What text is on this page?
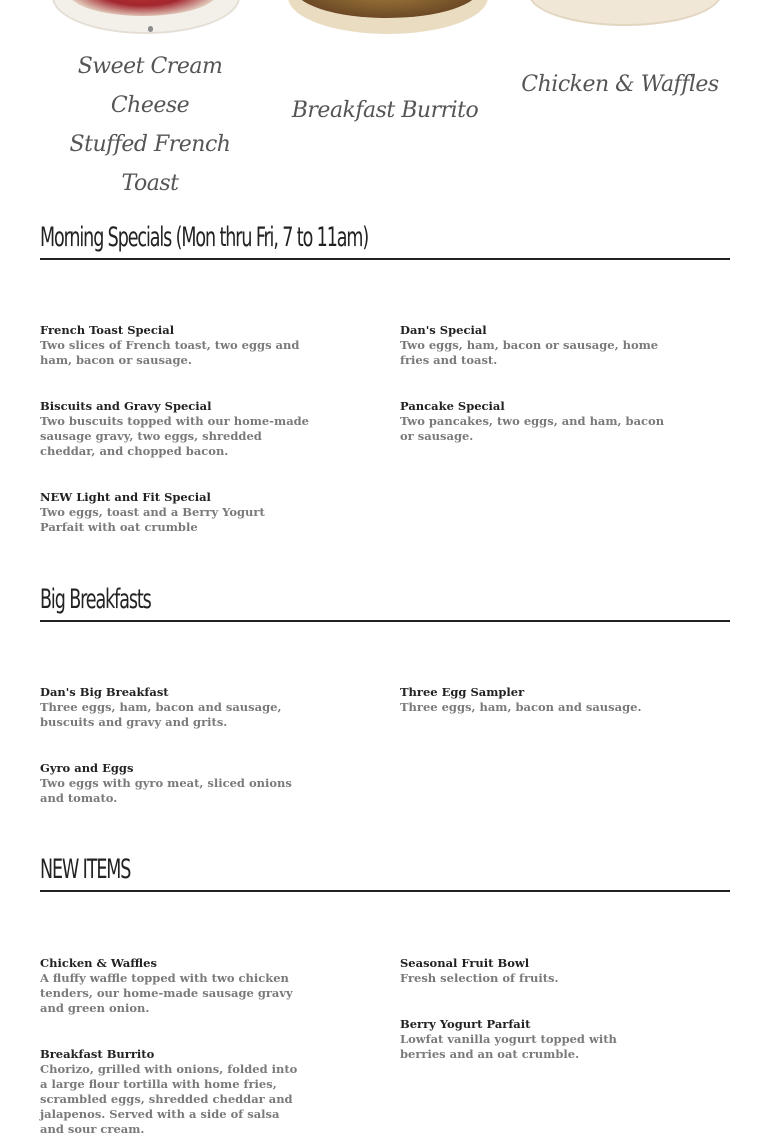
Sweet Cream Cheese
Stuffed French Toast
Breakfast Burrito
Chicken & Waffles
Morning Specials (Mon thru Fri, 7 to 11am)
French Toast Special
Two slices of French toast, two eggs and ham, bacon or sausage.
Dan's Special
Two eggs, ham, bacon or sausage, home fries and toast.
Biscuits and Gravy Special
Two buscuits topped with our home-made sausage gravy, two eggs, shredded cheddar, and chopped bacon.
Pancake Special
Two pancakes, two eggs, and ham, bacon or sausage.
NEW Light and Fit Special
Two eggs, toast and a Berry Yogurt Parfait with oat crumble
Big Breakfasts
Dan's Big Breakfast
Three eggs, ham, bacon and sausage, buscuits and gravy and grits.
Three Egg Sampler
Three eggs, ham, bacon and sausage.
Gyro and Eggs
Two eggs with gyro meat, sliced onions and tomato.
NEW ITEMS
Chicken & Waffles
A fluffy waffle topped with two chicken tenders, our home-made sausage gravy and green onion.
Seasonal Fruit Bowl
Fresh selection of fruits.
Berry Yogurt Parfait
Lowfat vanilla yogurt topped with berries and an oat crumble.
Breakfast Burrito
Chorizo, grilled with onions, folded into a large flour tortilla with home fries, scrambled eggs, shredded cheddar and jalapenos. Served with a side of salsa and sour cream.
